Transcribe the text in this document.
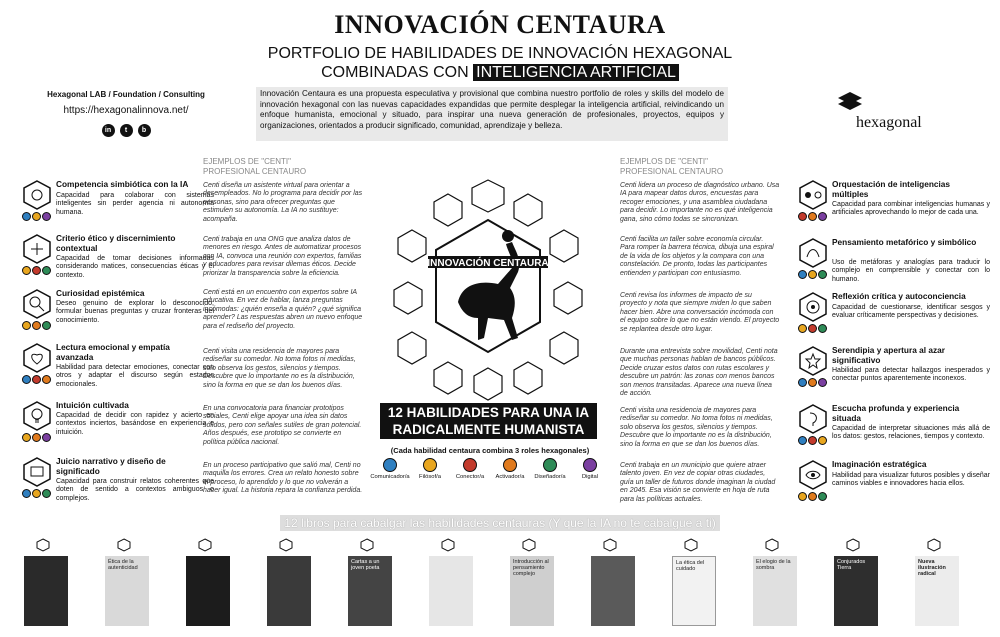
INNOVACIÓN CENTAURA
PORTFOLIO DE HABILIDADES DE INNOVACIÓN HEXAGONAL
COMBINADAS CON INTELIGENCIA ARTIFICIAL
Hexagonal LAB / Foundation / Consulting
https://hexagonalinnova.net/
in	t	b
Innovación Centaura es una propuesta especulativa y provisional que combina nuestro portfolio de roles y skills del modelo de innovación hexagonal con las nuevas capacidades expandidas que permite desplegar la inteligencia artificial, reivindicando un enfoque humanista, emocional y situado, para inspirar una nueva generación de profesionales, proyectos, equipos y organizaciones, orientados a producir significado, comunidad, aprendizaje y belleza.	hexagonal
EJEMPLOS DE "CENTI" PROFESIONAL CENTAURO
EJEMPLOS DE "CENTI" PROFESIONAL CENTAURO
Competencia simbiótica con la IA
Capacidad para colaborar con sistemas inteligentes sin perder agencia ni autonomía humana.
Criterio ético y discernimiento contextual
Capacidad de tomar decisiones informadas considerando matices, consecuencias éticas y el contexto.
Curiosidad epistémica
Deseo genuino de explorar lo desconocido, formular buenas preguntas y cruzar fronteras del conocimiento.
Lectura emocional y empatía avanzada
Habilidad para detectar emociones, conectar con otros y adaptar el discurso según estados emocionales.
Intuición cultivada
Capacidad de decidir con rapidez y acierto en contextos inciertos, basándose en experiencia e intuición.
Juicio narrativo y diseño de significado
Capacidad para construir relatos coherentes que doten de sentido a contextos ambiguos o complejos.
Centi diseña un asistente virtual para orientar a desempleados. No lo programa para decidir por las personas, sino para ofrecer preguntas que estimulen su autonomía. La IA no sustituye: acompaña.
Centi trabaja en una ONG que analiza datos de menores en riesgo. Antes de automatizar procesos con IA, convoca una reunión con expertos, familias y educadores para revisar dilemas éticos. Decide priorizar la transparencia sobre la eficiencia.
Centi está en un encuentro con expertos sobre IA educativa. En vez de hablar, lanza preguntas incómodas: ¿quién enseña a quién? ¿qué significa aprender? Las respuestas abren un nuevo enfoque para el rediseño del proyecto.
Centi visita una residencia de mayores para rediseñar su comedor. No toma fotos ni medidas, solo observa los gestos, silencios y tiempos. Descubre que lo importante no es la distribución, sino la forma en que se dan los buenos días.
En una convocatoria para financiar prototipos sociales, Centi elige apoyar una idea sin datos sólidos, pero con señales sutiles de gran potencial. Años después, ese prototipo se convierte en política pública nacional.
En un proceso participativo que salió mal, Centi no maquilla los errores. Crea un relato honesto sobre el proceso, lo aprendido y lo que no volverán a hacer igual. La historia repara la confianza perdida.
INNOVACIÓN CENTAURA
12 HABILIDADES PARA UNA IA
RADICALMENTE HUMANISTA
(Cada habilidad centaura combina 3 roles hexagonales)
Comunicador/a	Filósof/a	Conector/a	Activador/a	Diseñador/a	Digital
Centi lidera un proceso de diagnóstico urbano. Usa IA para mapear datos duros, encuestas para recoger emociones, y una asamblea ciudadana para decidir. Lo importante no es qué inteligencia gana, sino cómo todas se sincronizan.
Centi facilita un taller sobre economía circular. Para romper la barrera técnica, dibuja una espiral de la vida de los objetos y la compara con una constelación. De pronto, todas las participantes entienden y participan con entusiasmo.
Centi revisa los informes de impacto de su proyecto y nota que siempre miden lo que saben hacer bien. Abre una conversación incómoda con el equipo sobre lo que no están viendo. El proyecto se replantea desde otro lugar.
Durante una entrevista sobre movilidad, Centi nota que muchas personas hablan de bancos públicos. Decide cruzar estos datos con rutas escolares y descubre un patrón: las zonas con menos bancos son menos transitadas. Aparece una nueva línea de acción.
Centi visita una residencia de mayores para rediseñar su comedor. No toma fotos ni medidas, solo observa los gestos, silencios y tiempos. Descubre que lo importante no es la distribución, sino la forma en que se dan los buenos días.
Centi trabaja en un municipio que quiere atraer talento joven. En vez de copiar otras ciudades, guía un taller de futuros donde imaginan la ciudad en 2045. Esa visión se convierte en hoja de ruta para las políticas actuales.
Orquestación de inteligencias múltiples
Capacidad para combinar inteligencias humanas y artificiales aprovechando lo mejor de cada una.
Pensamiento metafórico y simbólico
Uso de metáforas y analogías para traducir lo complejo en comprensible y conectar con lo humano.
Reflexión crítica y autoconciencia
Capacidad de cuestionarse, identificar sesgos y evaluar críticamente perspectivas y decisiones.
Serendipia y apertura al azar significativo
Habilidad para detectar hallazgos inesperados y conectar puntos aparentemente inconexos.
Escucha profunda y experiencia situada
Capacidad de interpretar situaciones más allá de los datos: gestos, relaciones, tiempos y contexto.
Imaginación estratégica
Habilidad para visualizar futuros posibles y diseñar caminos viables e innovadores hacia ellos.
12 libros para cabalgar las habilidades centauras (Y que la IA no te cabalgue a ti)
Ética de la autenticidad
Cartas a un joven poeta
Introducción al pensamiento complejo
La ética del cuidado
El elogio de la sombra
Conjurados Tierra
Nueva ilustración radical
